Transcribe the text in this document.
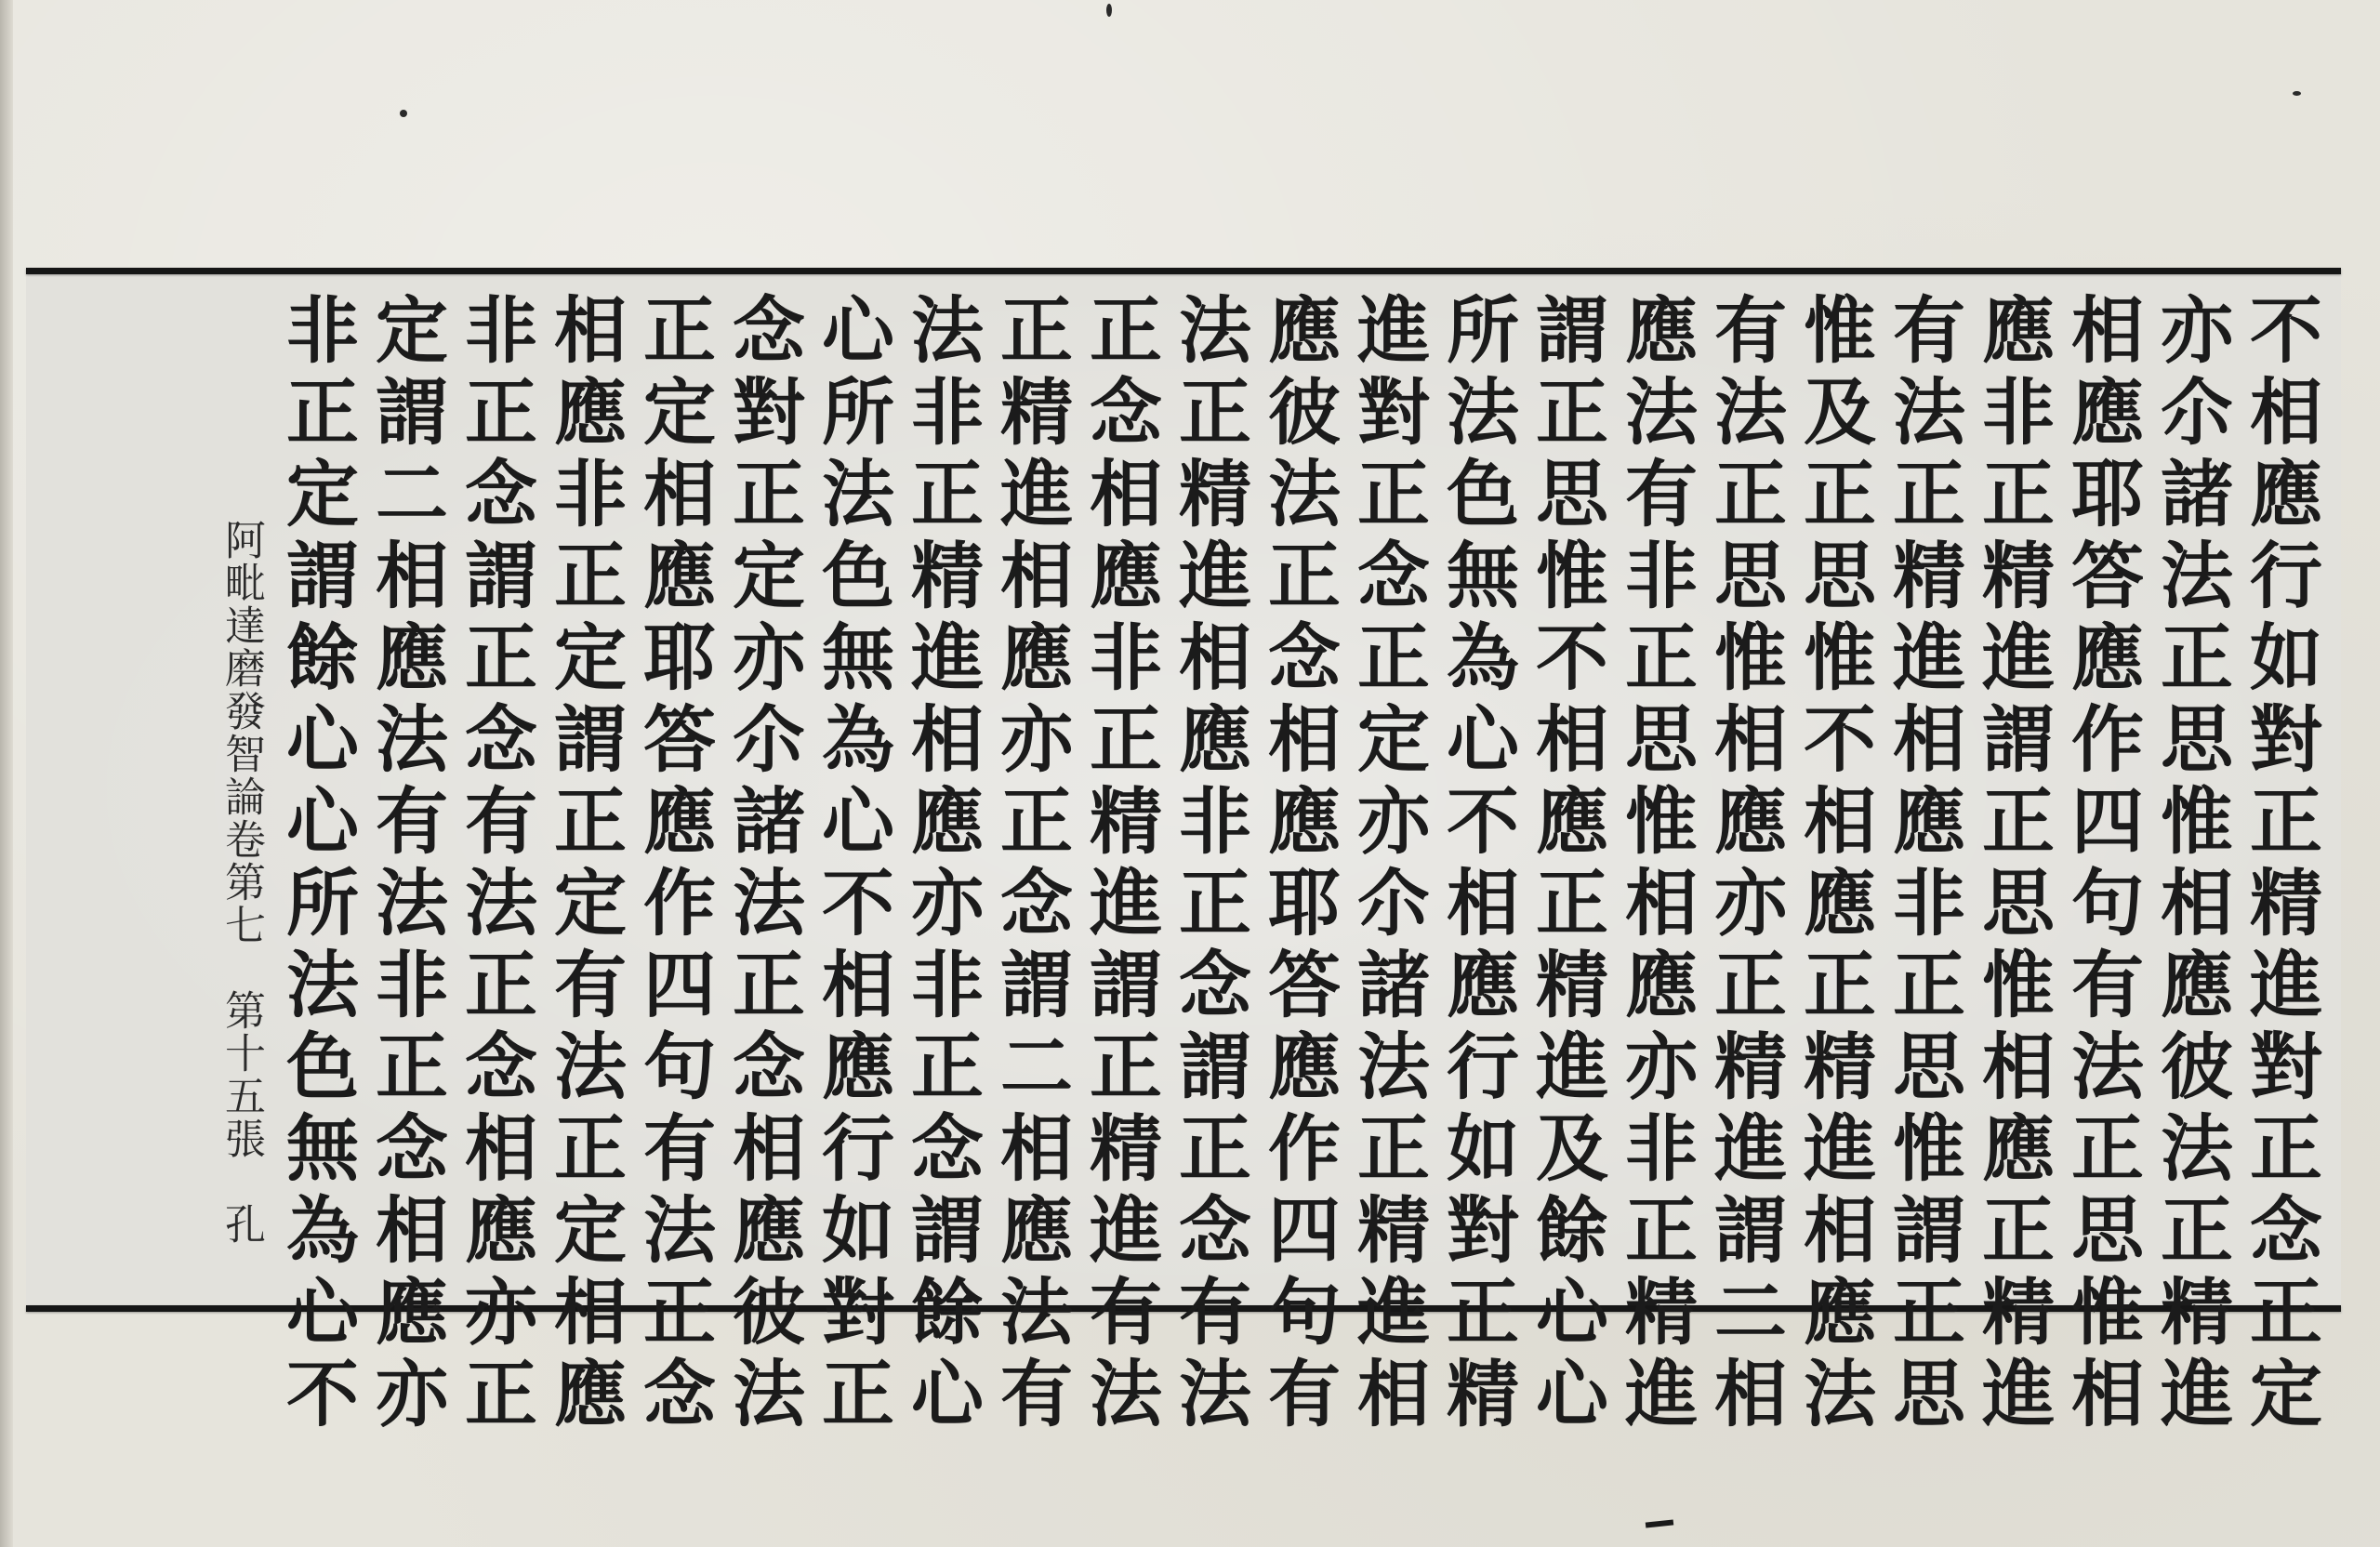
不相應行如對正精進對正念正定
亦尒諸法正思惟相應彼法正精進
相應耶答應作四句有法正思惟相
應非正精進謂正思惟相應正精進
有法正精進相應非正思惟謂正思
惟及正思惟不相應正精進相應法
有法正思惟相應亦正精進謂二相
應法有非正思惟相應亦非正精進
謂正思惟不相應正精進及餘心心
所法色無為心不相應行如對正精
進對正念正定亦尒諸法正精進相
應彼法正念相應耶答應作四句有
法正精進相應非正念謂正念有法
正念相應非正精進謂正精進有法
正精進相應亦正念謂二相應法有
法非正精進相應亦非正念謂餘心
心所法色無為心不相應行如對正
念對正定亦尒諸法正念相應彼法
正定相應耶答應作四句有法正念
相應非正定謂正定有法正定相應
非正念謂正念有法正念相應亦正
定謂二相應法有法非正念相應亦
非正定謂餘心心所法色無為心不
阿毗達磨發智論卷第七　第十五張　孔
